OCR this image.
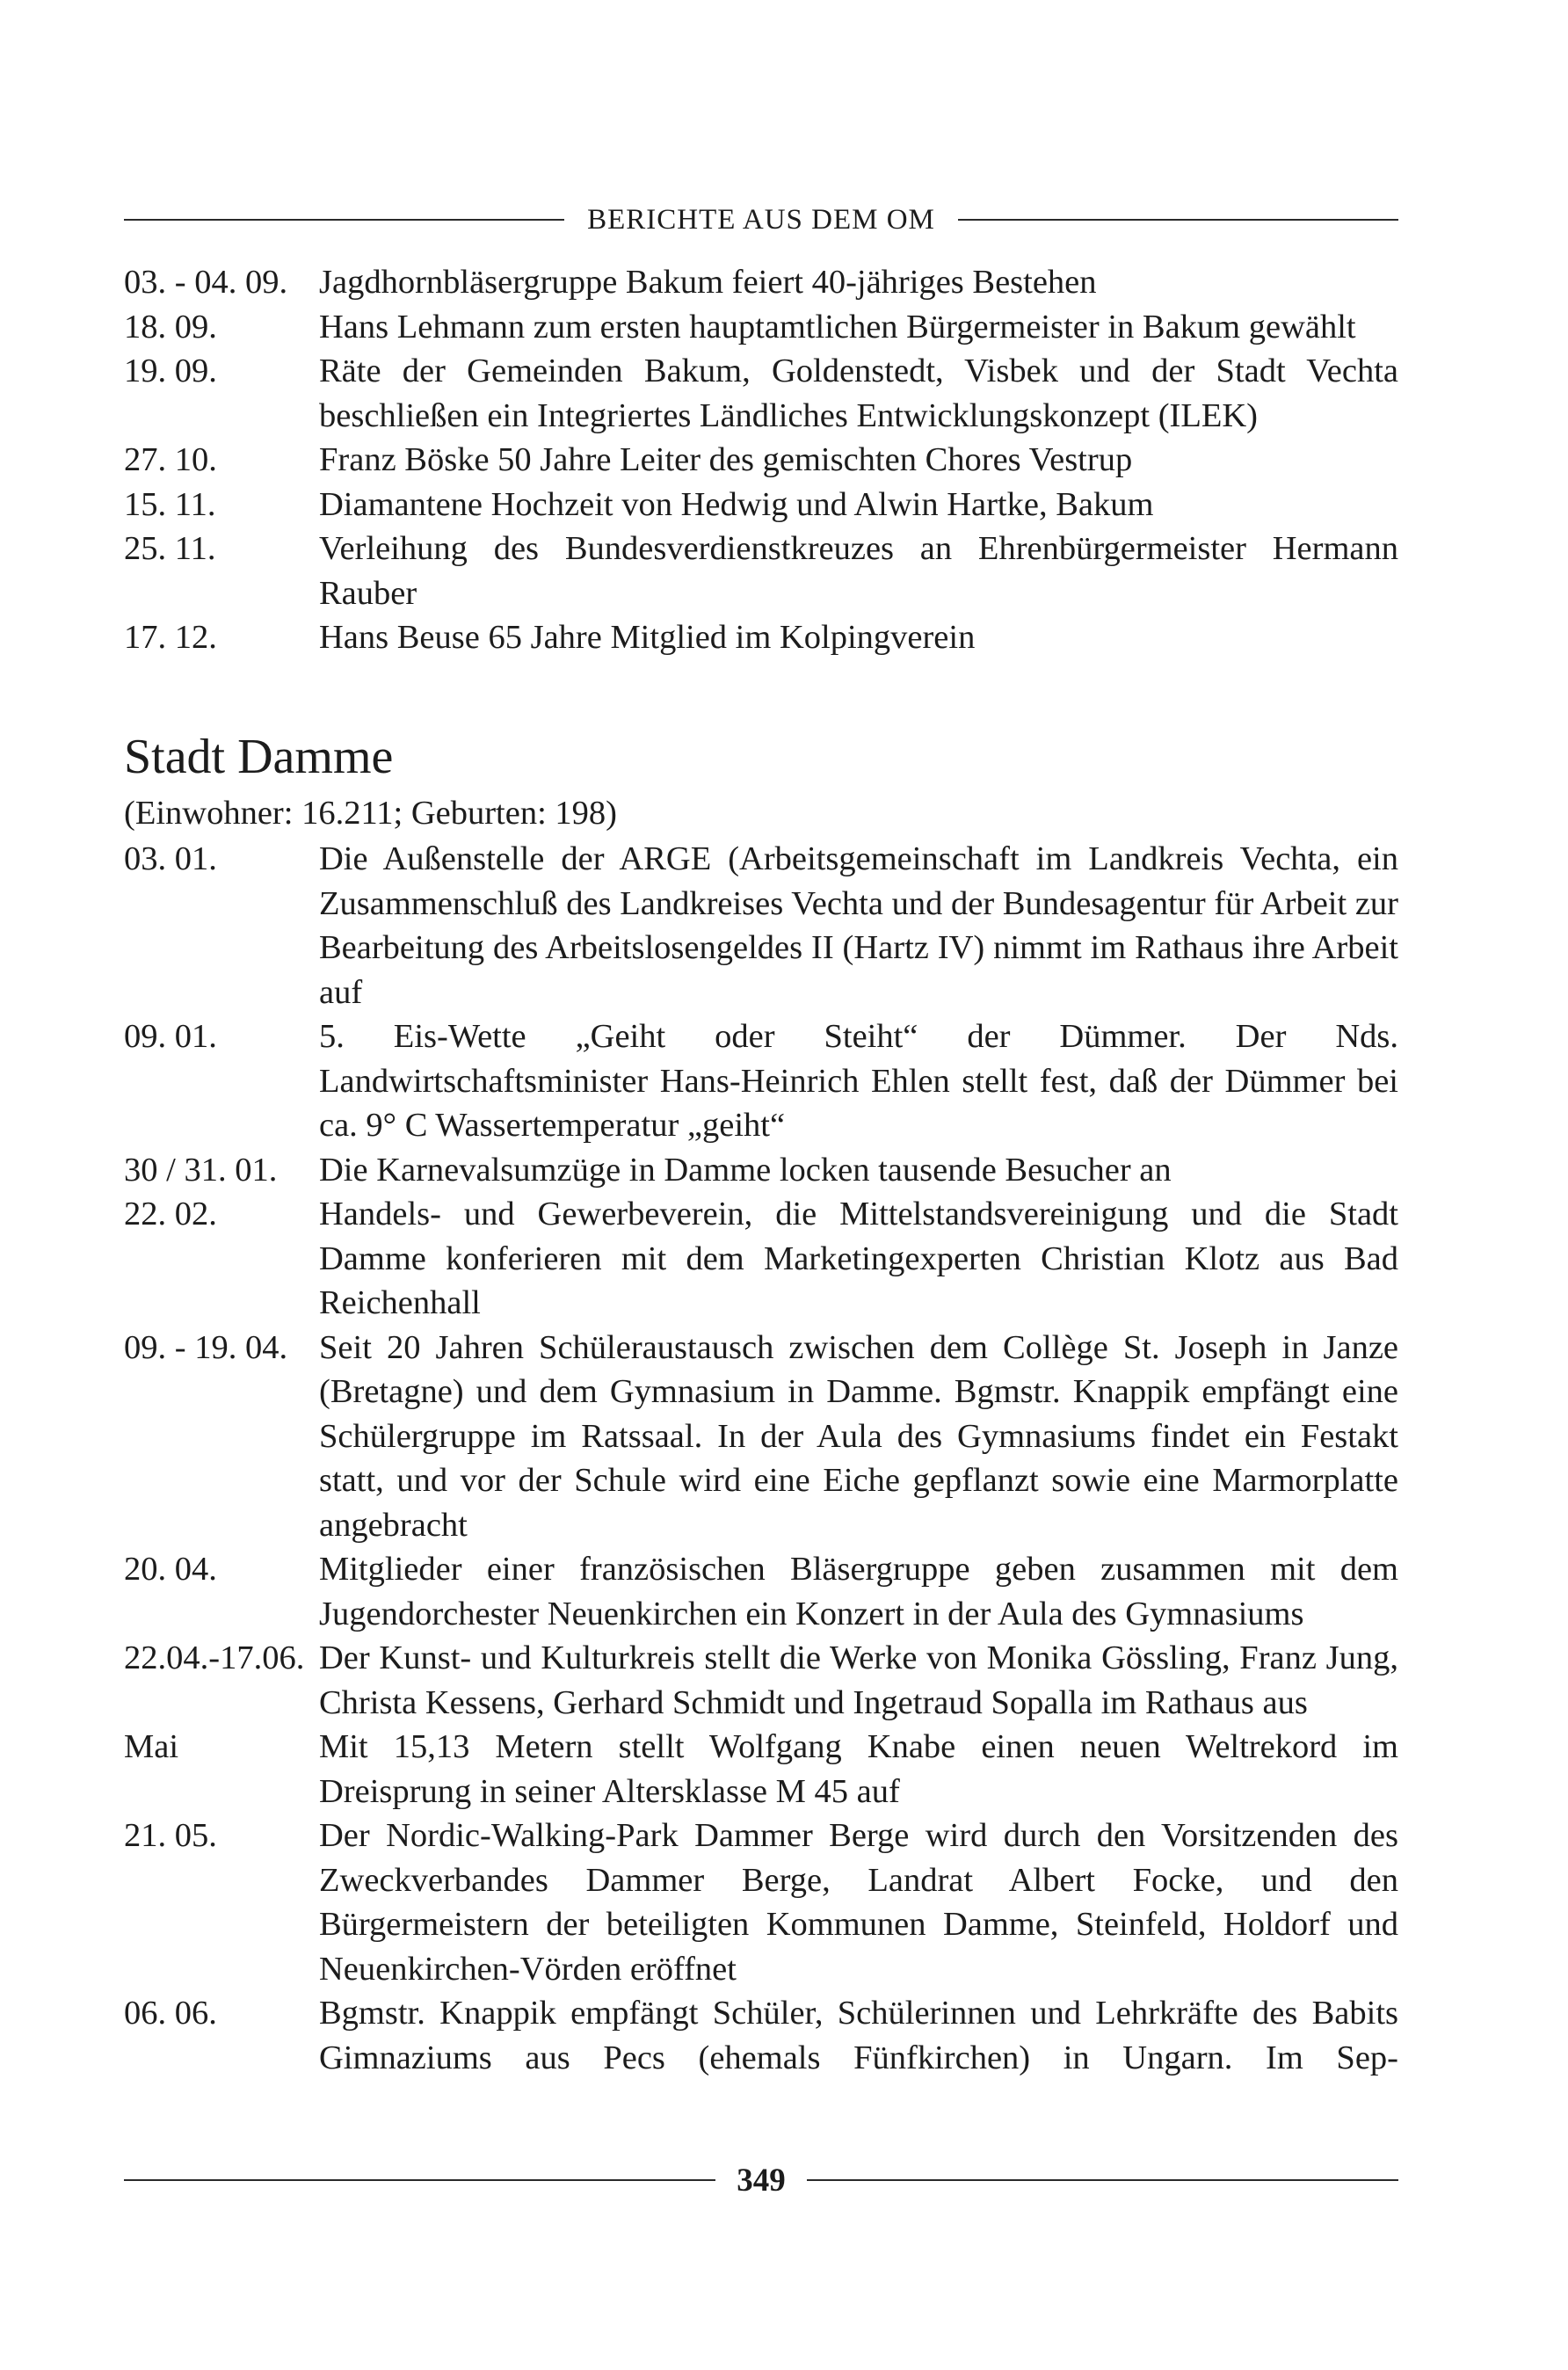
BERICHTE AUS DEM OM
03. - 04. 09. Jagdhornbläsergruppe Bakum feiert 40-jähriges Bestehen
18. 09.	Hans Lehmann zum ersten hauptamtlichen Bürgermeister in Bakum gewählt
19. 09.	Räte der Gemeinden Bakum, Goldenstedt, Visbek und der Stadt Vechta beschließen ein Integriertes Ländliches Entwicklungskonzept (ILEK)
27. 10.	Franz Böske 50 Jahre Leiter des gemischten Chores Vestrup
15. 11.	Diamantene Hochzeit von Hedwig und Alwin Hartke, Bakum
25. 11.	Verleihung des Bundesverdienstkreuzes an Ehrenbürgermeister Hermann Rauber
17. 12.	Hans Beuse 65 Jahre Mitglied im Kolpingverein
Stadt Damme
(Einwohner: 16.211; Geburten: 198)
03. 01.	Die Außenstelle der ARGE (Arbeitsgemeinschaft im Landkreis Vechta, ein Zusammenschluß des Landkreises Vechta und der Bundesagentur für Arbeit zur Bearbeitung des Arbeitslosengeldes II (Hartz IV) nimmt im Rathaus ihre Arbeit auf
09. 01.	5. Eis-Wette „Geiht oder Steiht“ der Dümmer. Der Nds. Landwirtschaftsminister Hans-Heinrich Ehlen stellt fest, daß der Dümmer bei ca. 9° C Wassertemperatur „geiht“
30 / 31. 01.	Die Karnevalsumzüge in Damme locken tausende Besucher an
22. 02.	Handels- und Gewerbeverein, die Mittelstandsvereinigung und die Stadt Damme konferieren mit dem Marketingexperten Christian Klotz aus Bad Reichenhall
09. - 19. 04. Seit 20 Jahren Schüleraustausch zwischen dem Collège St. Joseph in Janze (Bretagne) und dem Gymnasium in Damme. Bgmstr. Knappik empfängt eine Schülergruppe im Ratssaal. In der Aula des Gymnasiums findet ein Festakt statt, und vor der Schule wird eine Eiche gepflanzt sowie eine Marmorplatte angebracht
20. 04.	Mitglieder einer französischen Bläsergruppe geben zusammen mit dem Jugendorchester Neuenkirchen ein Konzert in der Aula des Gymnasiums
22.04.-17.06. Der Kunst- und Kulturkreis stellt die Werke von Monika Gössling, Franz Jung, Christa Kessens, Gerhard Schmidt und Ingetraud Sopalla im Rathaus aus
Mai	Mit 15,13 Metern stellt Wolfgang Knabe einen neuen Weltrekord im Dreisprung in seiner Altersklasse M 45 auf
21. 05.	Der Nordic-Walking-Park Dammer Berge wird durch den Vorsitzenden des Zweckverbandes Dammer Berge, Landrat Albert Focke, und den Bürgermeistern der beteiligten Kommunen Damme, Steinfeld, Holdorf und Neuenkirchen-Vörden eröffnet
06. 06.	Bgmstr. Knappik empfängt Schüler, Schülerinnen und Lehrkräfte des Babits Gimnaziums aus Pecs (ehemals Fünfkirchen) in Ungarn. Im Sep-
349
